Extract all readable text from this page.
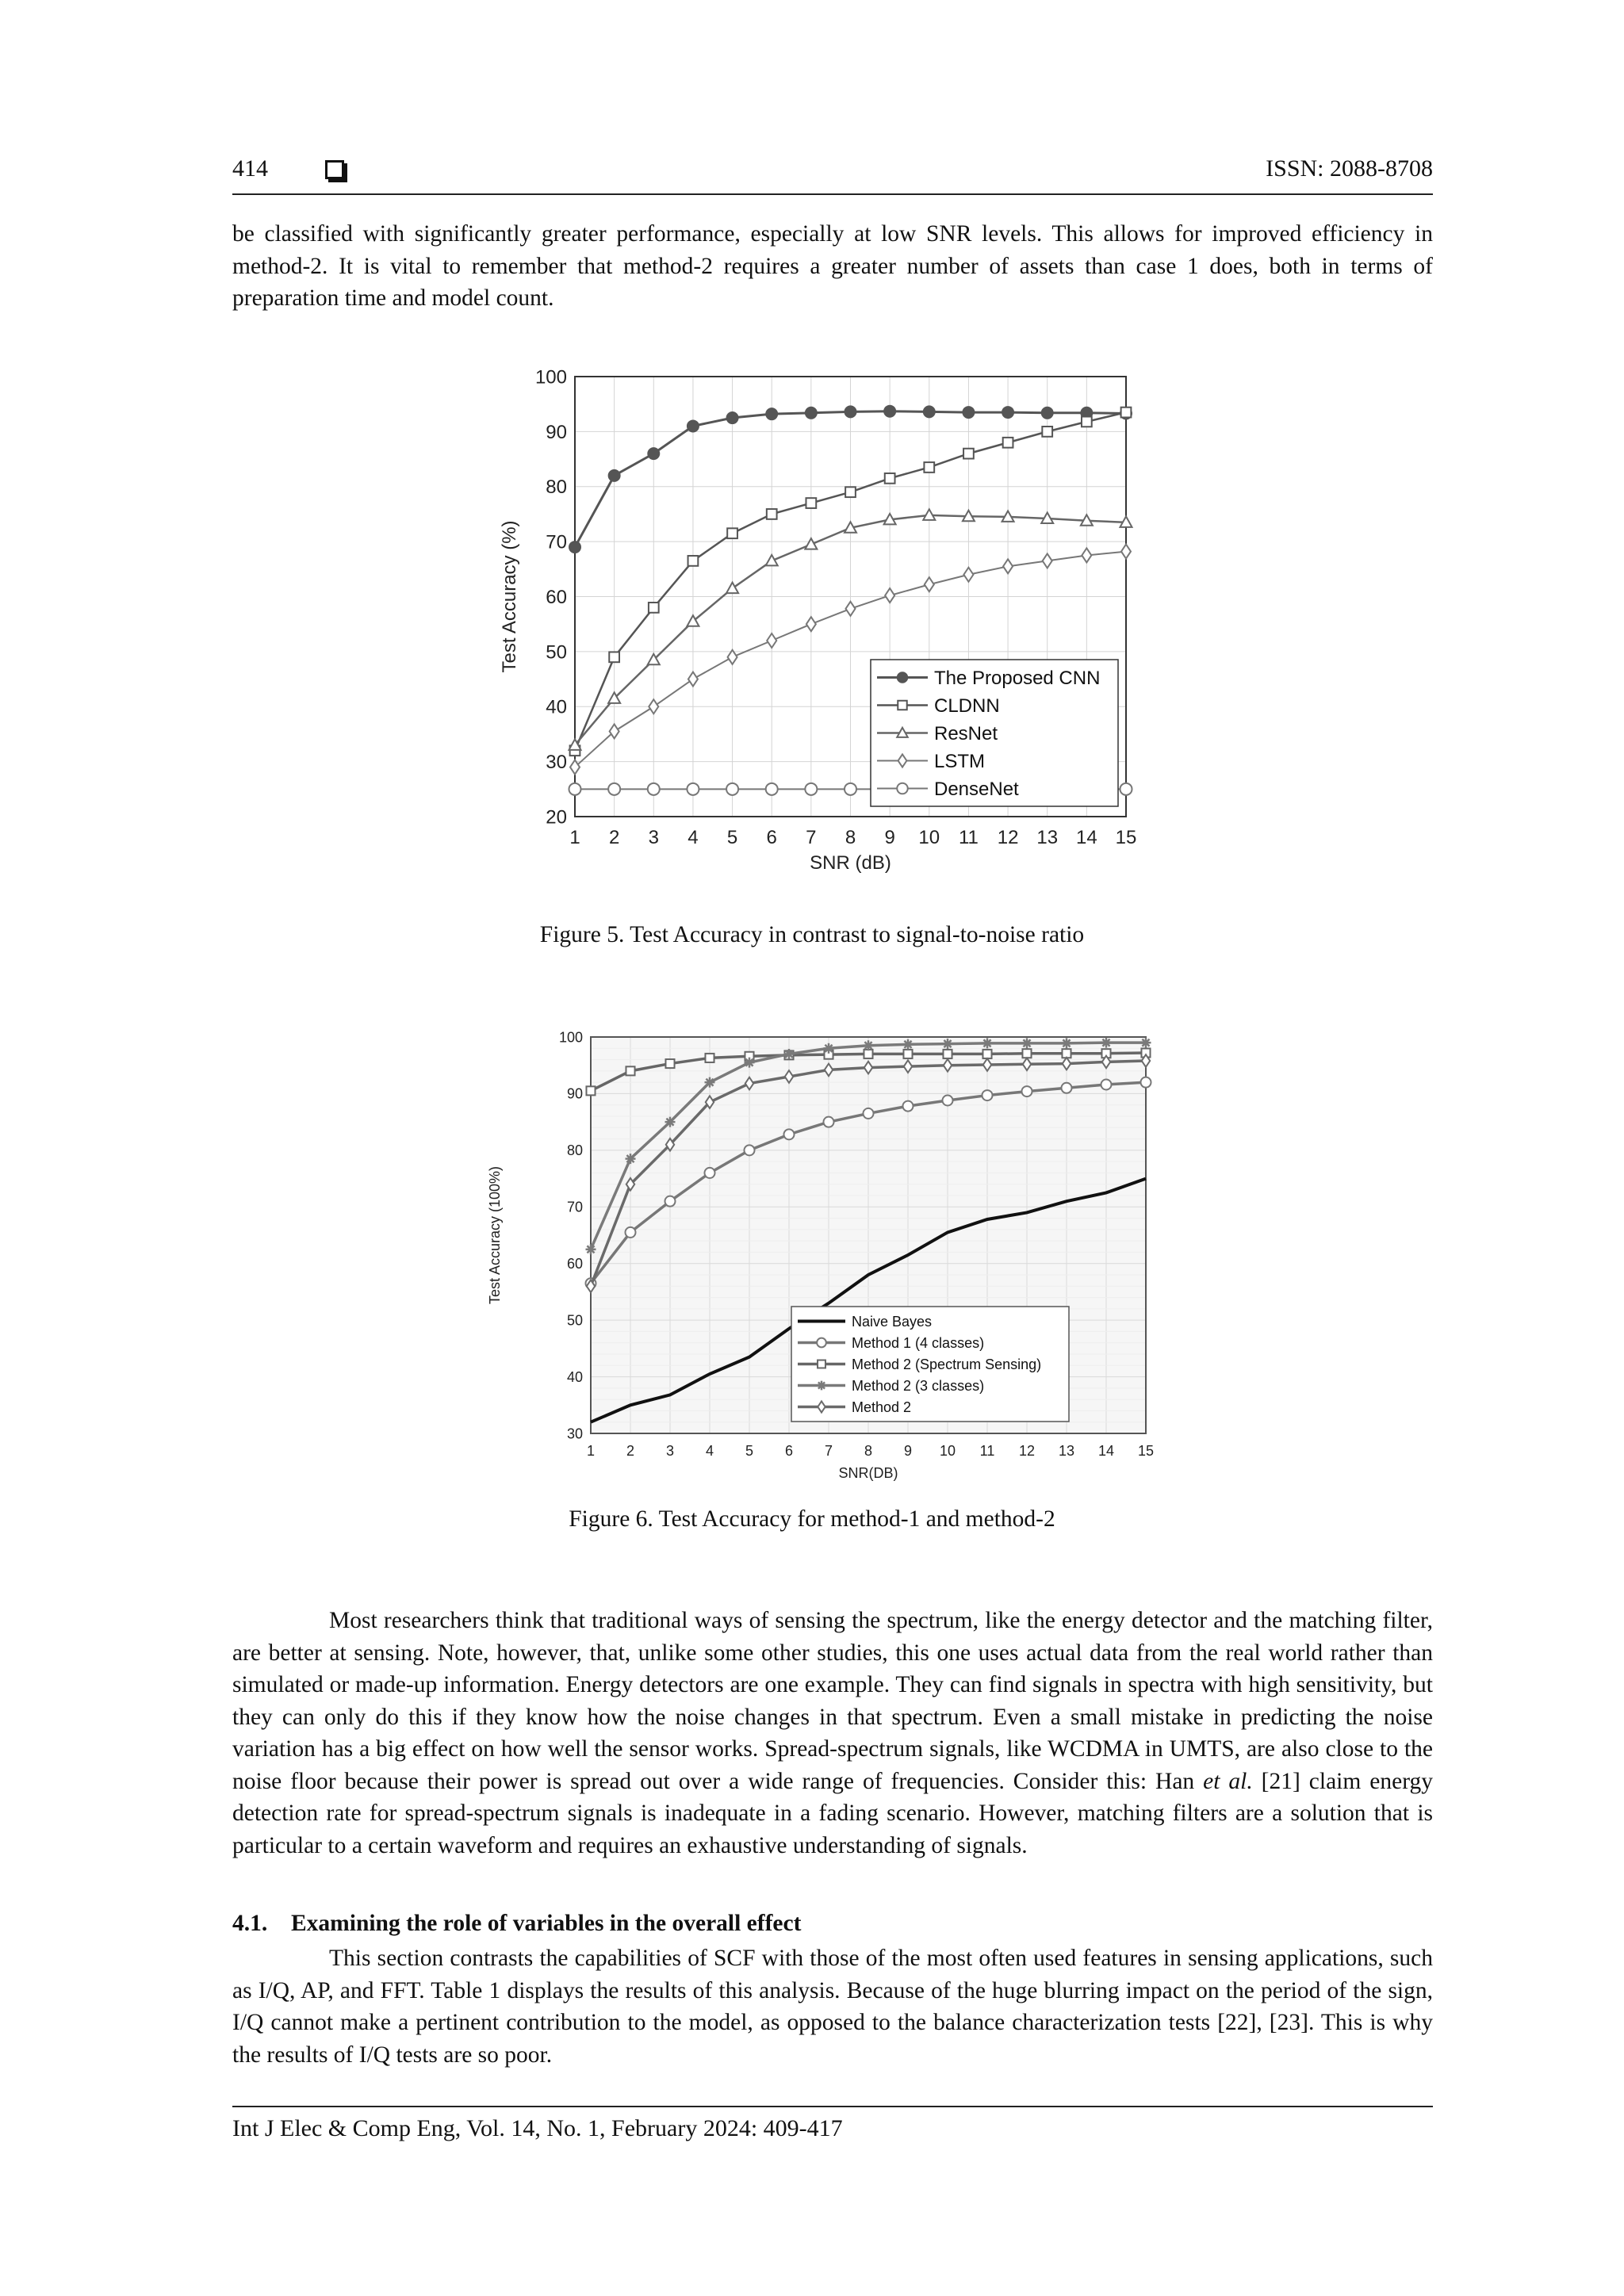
414	ISSN: 2088-8708

be classified with significantly greater performance, especially at low SNR levels. This allows for improved efficiency in method-2. It is vital to remember that method-2 requires a greater number of assets than case 1 does, both in terms of preparation time and model count.

1 2 3 4 5 6 7 8 9 10 11 12 13 14 15
100
90
80
70
60
50
40
30
20
SNR (dB)
Test Accuracy (%)
The Proposed CNN
CLDNN
ResNet
LSTM
DenseNet
Figure 5. Test Accuracy in contrast to signal-to-noise ratio
1 2 3 4 5 6 7 8 9 10 11 12 13 14 15
100
90
80
70
60
50
40
30
SNR(DB)
Test Accuracy (100%)
Naive Bayes
Method 1 (4 classes)
Method 2 (Spectrum Sensing)
Method 2 (3 classes)
Method 2
Figure 6. Test Accuracy for method-1 and method-2

Most researchers think that traditional ways of sensing the spectrum, like the energy detector and the matching filter, are better at sensing. Note, however, that, unlike some other studies, this one uses actual data from the real world rather than simulated or made-up information. Energy detectors are one example. They can find signals in spectra with high sensitivity, but they can only do this if they know how the noise changes in that spectrum. Even a small mistake in predicting the noise variation has a big effect on how well the sensor works. Spread-spectrum signals, like WCDMA in UMTS, are also close to the noise floor because their power is spread out over a wide range of frequencies. Consider this: Han et al. [21] claim energy detection rate for spread-spectrum signals is inadequate in a fading scenario. However, matching filters are a solution that is particular to a certain waveform and requires an exhaustive understanding of signals.

4.1. Examining the role of variables in the overall effect

This section contrasts the capabilities of SCF with those of the most often used features in sensing applications, such as I/Q, AP, and FFT. Table 1 displays the results of this analysis. Because of the huge blurring impact on the period of the sign, I/Q cannot make a pertinent contribution to the model, as opposed to the balance characterization tests [22], [23]. This is why the results of I/Q tests are so poor.

Int J Elec & Comp Eng, Vol. 14, No. 1, February 2024: 409-417
